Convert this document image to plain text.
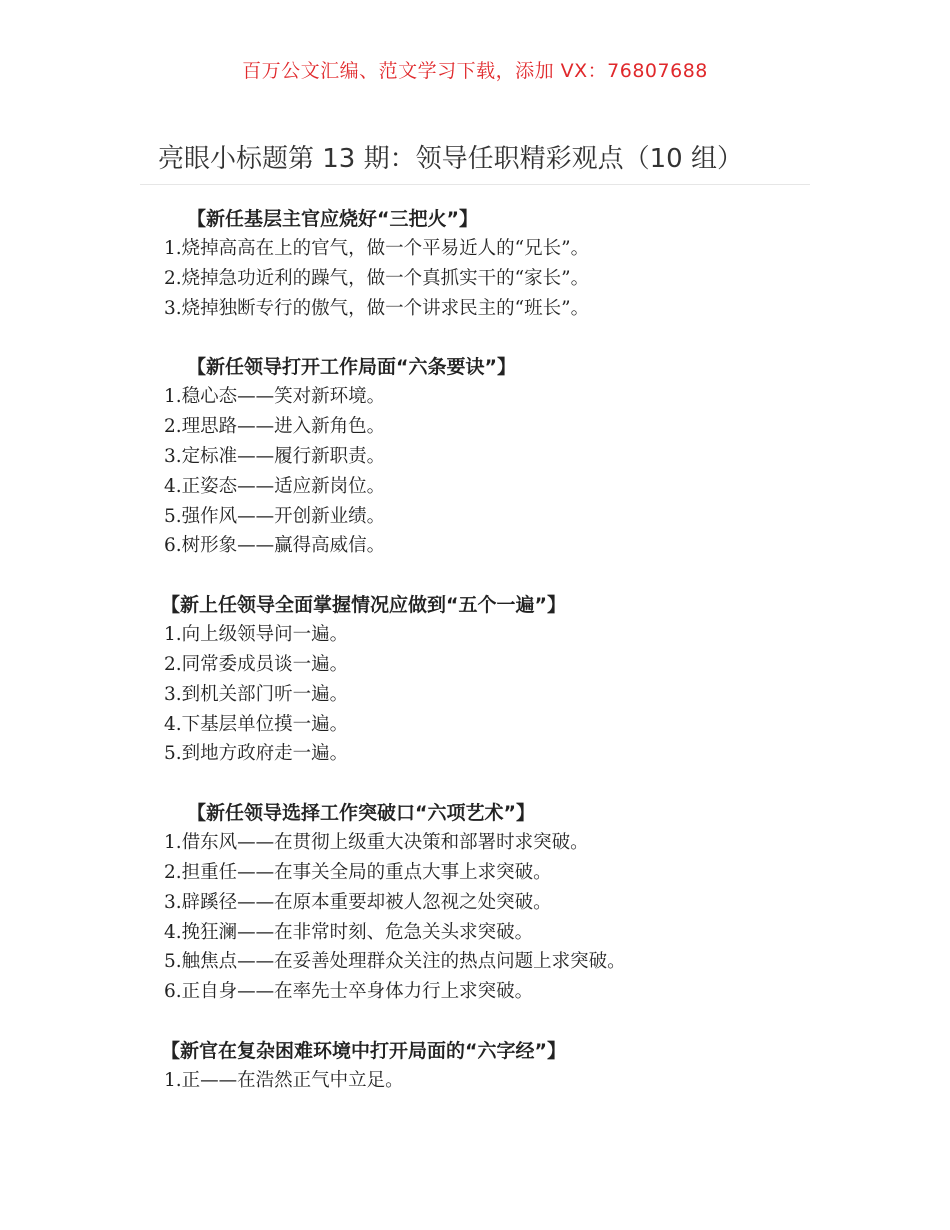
百万公文汇编、范文学习下载，添加 VX：76807688
亮眼小标题第 13 期：领导任职精彩观点（10 组）
【新任基层主官应烧好“三把火”】
1.烧掉高高在上的官气，做一个平易近人的“兄长”。
2.烧掉急功近利的躁气，做一个真抓实干的“家长”。
3.烧掉独断专行的傲气，做一个讲求民主的“班长”。
【新任领导打开工作局面“六条要诀”】
1.稳心态——笑对新环境。
2.理思路——进入新角色。
3.定标准——履行新职责。
4.正姿态——适应新岗位。
5.强作风——开创新业绩。
6.树形象——赢得高威信。
【新上任领导全面掌握情况应做到“五个一遍”】
1.向上级领导问一遍。
2.同常委成员谈一遍。
3.到机关部门听一遍。
4.下基层单位摸一遍。
5.到地方政府走一遍。
【新任领导选择工作突破口“六项艺术”】
1.借东风——在贯彻上级重大决策和部署时求突破。
2.担重任——在事关全局的重点大事上求突破。
3.辟蹊径——在原本重要却被人忽视之处突破。
4.挽狂澜——在非常时刻、危急关头求突破。
5.触焦点——在妥善处理群众关注的热点问题上求突破。
6.正自身——在率先士卒身体力行上求突破。
【新官在复杂困难环境中打开局面的“六字经”】
1.正——在浩然正气中立足。
